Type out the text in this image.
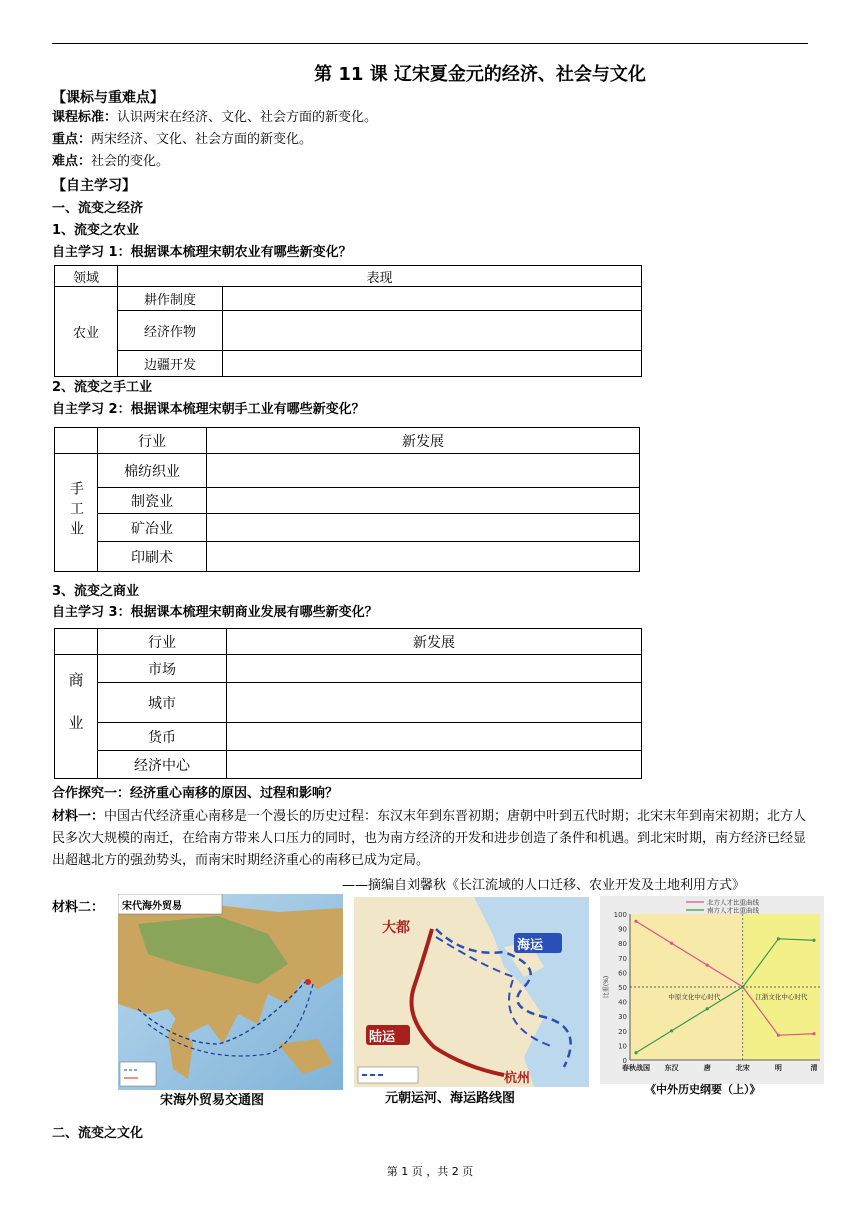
第 11 课 辽宋夏金元的经济、社会与文化
【课标与重难点】
课程标准：认识两宋在经济、文化、社会方面的新变化。
重点：两宋经济、文化、社会方面的新变化。
难点：社会的变化。
【自主学习】
一、流变之经济
1、流变之农业
自主学习 1：根据课本梳理宋朝农业有哪些新变化？
领域	表现	
农业	耕作制度	
	经济作物	
	边疆开发	
2、流变之手工业
自主学习 2：根据课本梳理宋朝手工业有哪些新变化？
	行业	新发展
手工业	棉纺织业	
	制瓷业	
	矿冶业	
	印刷术	
3、流变之商业
自主学习 3：根据课本梳理宋朝商业发展有哪些新变化？
	行业	新发展
商业	市场	
	城市	
	货币	
	经济中心	
合作探究一：经济重心南移的原因、过程和影响？
材料一：中国古代经济重心南移是一个漫长的历史过程：东汉末年到东晋初期；唐朝中叶到五代时期；北宋末年到南宋初期；北方人民多次大规模的南迁，在给南方带来人口压力的同时，也为南方经济的开发和进步创造了条件和机遇。到北宋时期，南方经济已经显出超越北方的强劲势头，而南宋时期经济重心的南移已成为定局。
——摘编自刘馨秋《长江流域的人口迁移、农业开发及土地利用方式》
材料二： 宋代海外贸易
宋海外贸易交通图
大都
海运
陆运
杭州
元朝运河、海运路线图
100
90
80
70
60
50
40
30
20
10
0
春秋战国 东汉	唐	北宋	明	清
比重(%)	中原文化中心时代	江浙文化中心时代
北方人才比重曲线
南方人才比重曲线
《中外历史纲要（上）》
二、流变之文化
第 1 页 ，共 2 页
